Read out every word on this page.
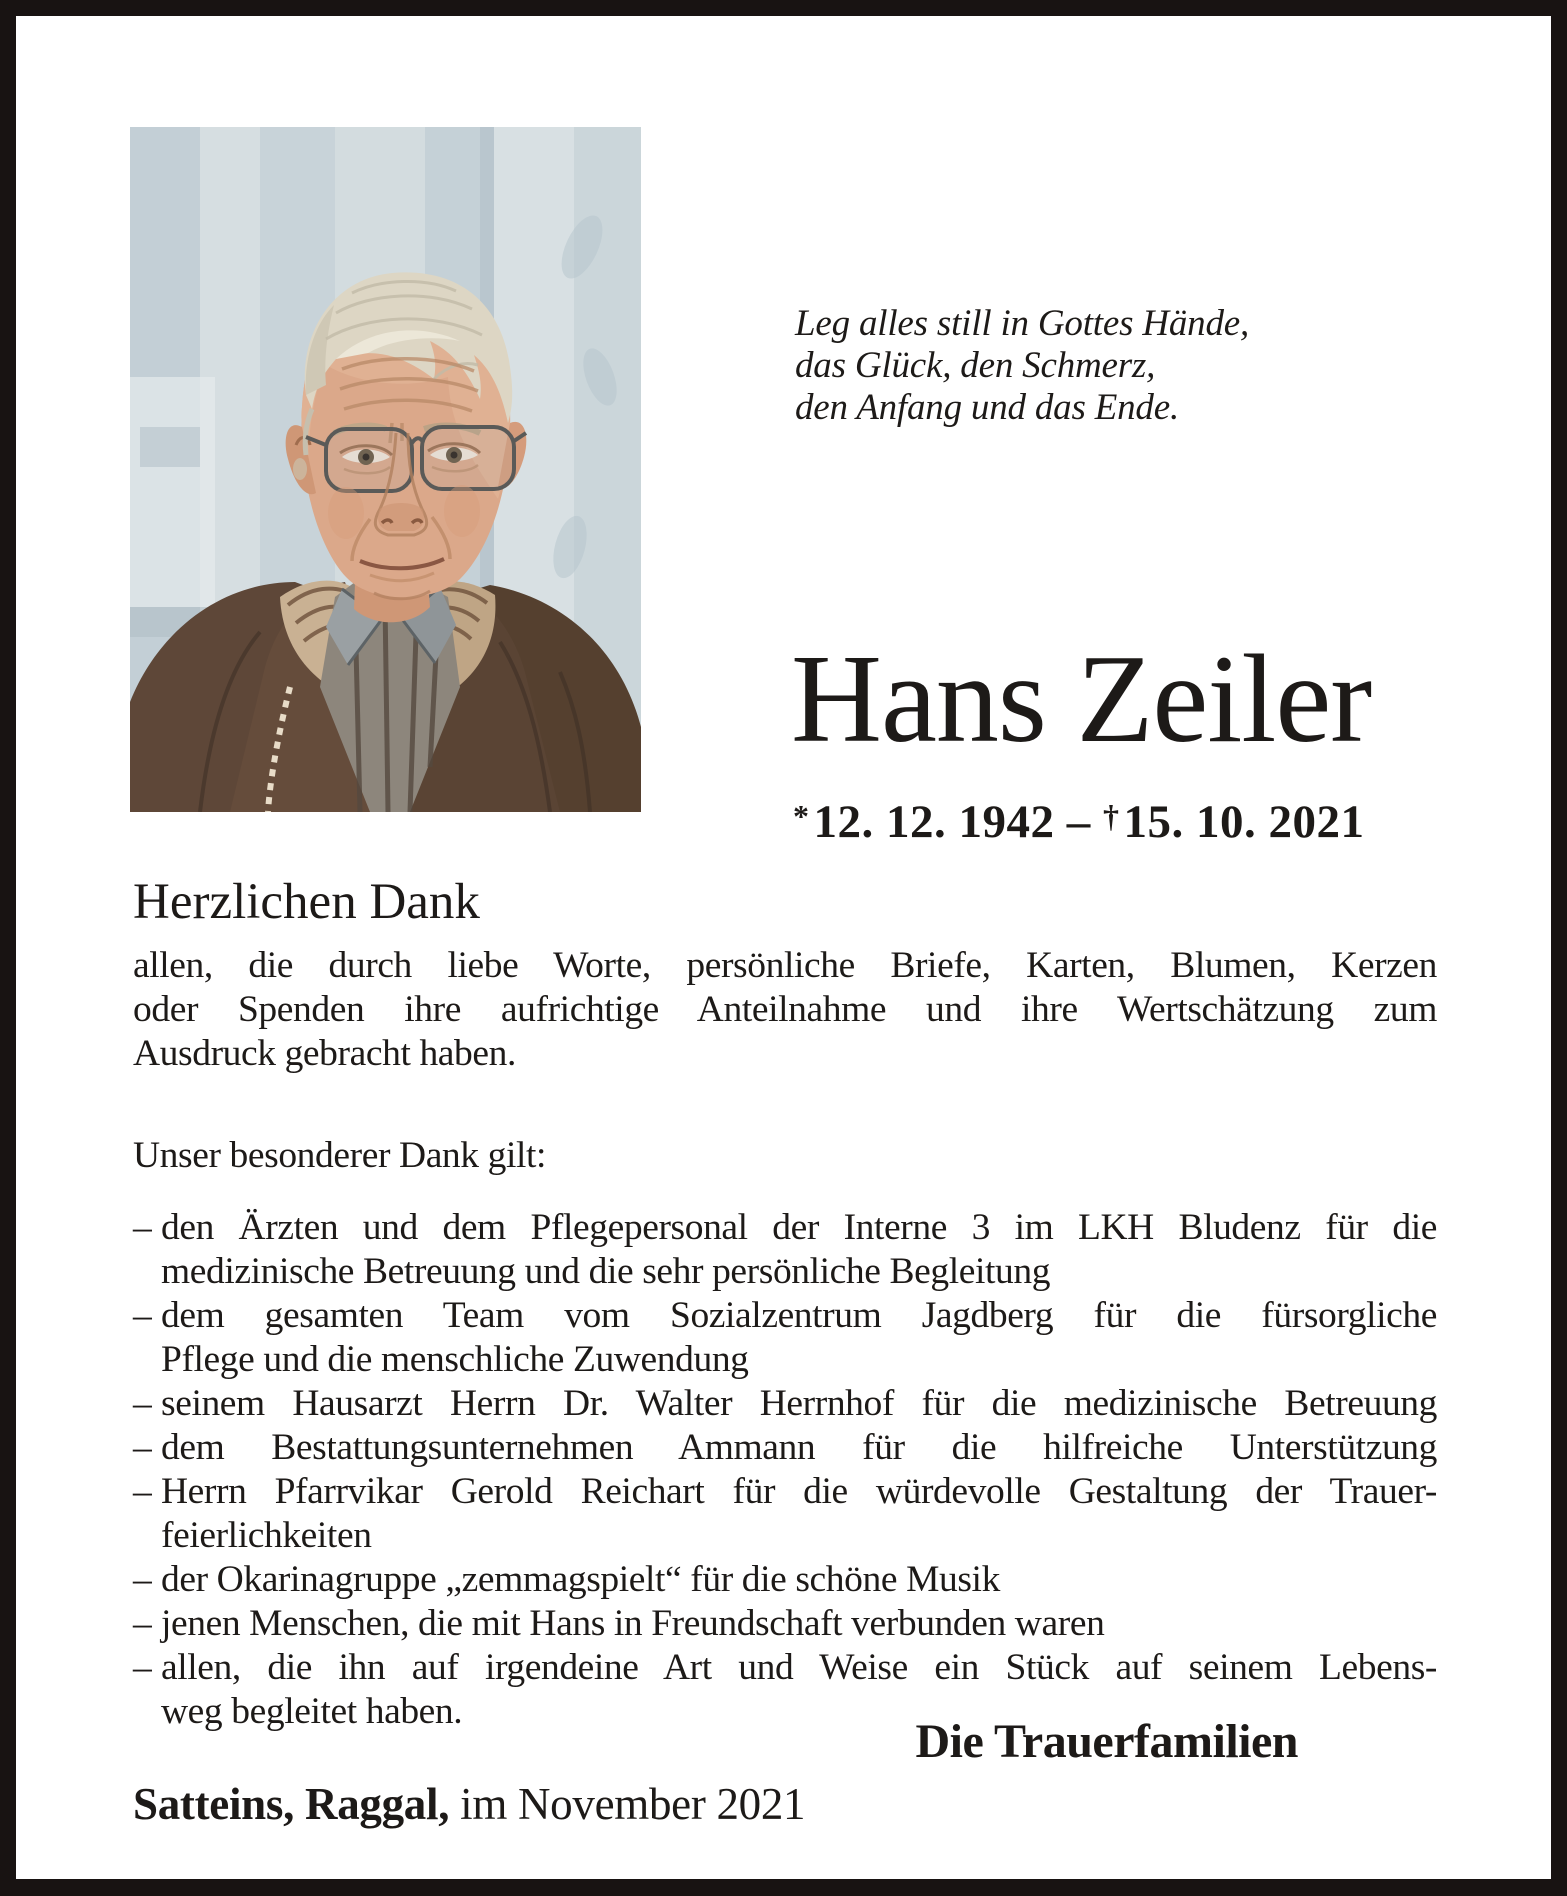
Leg alles still in Gottes Hände,
das Glück, den Schmerz,
den Anfang und das Ende.
Hans Zeiler
*12. 12. 1942 – †15. 10. 2021
Herzlichen Dank
allen, die durch liebe Worte, persönliche Briefe, Karten, Blumen, Kerzen
oder Spenden ihre aufrichtige Anteilnahme und ihre Wertschätzung zum
Ausdruck gebracht haben.
Unser besonderer Dank gilt:
– den Ärzten und dem Pflegepersonal der Interne 3 im LKH Bludenz für die
medizinische Betreuung und die sehr persönliche Begleitung
– dem gesamten Team vom Sozialzentrum Jagdberg für die fürsorgliche
Pflege und die menschliche Zuwendung
– seinem Hausarzt Herrn Dr. Walter Herrnhof für die medizinische Betreuung
– dem Bestattungsunternehmen Ammann für die hilfreiche Unterstützung
– Herrn Pfarrvikar Gerold Reichart für die würdevolle Gestaltung der Trauer-
feierlichkeiten
– der Okarinagruppe „zemmagspielt“ für die schöne Musik
– jenen Menschen, die mit Hans in Freundschaft verbunden waren
– allen, die ihn auf irgendeine Art und Weise ein Stück auf seinem Lebens-
weg begleitet haben.
Die Trauerfamilien
Satteins, Raggal, im November 2021
